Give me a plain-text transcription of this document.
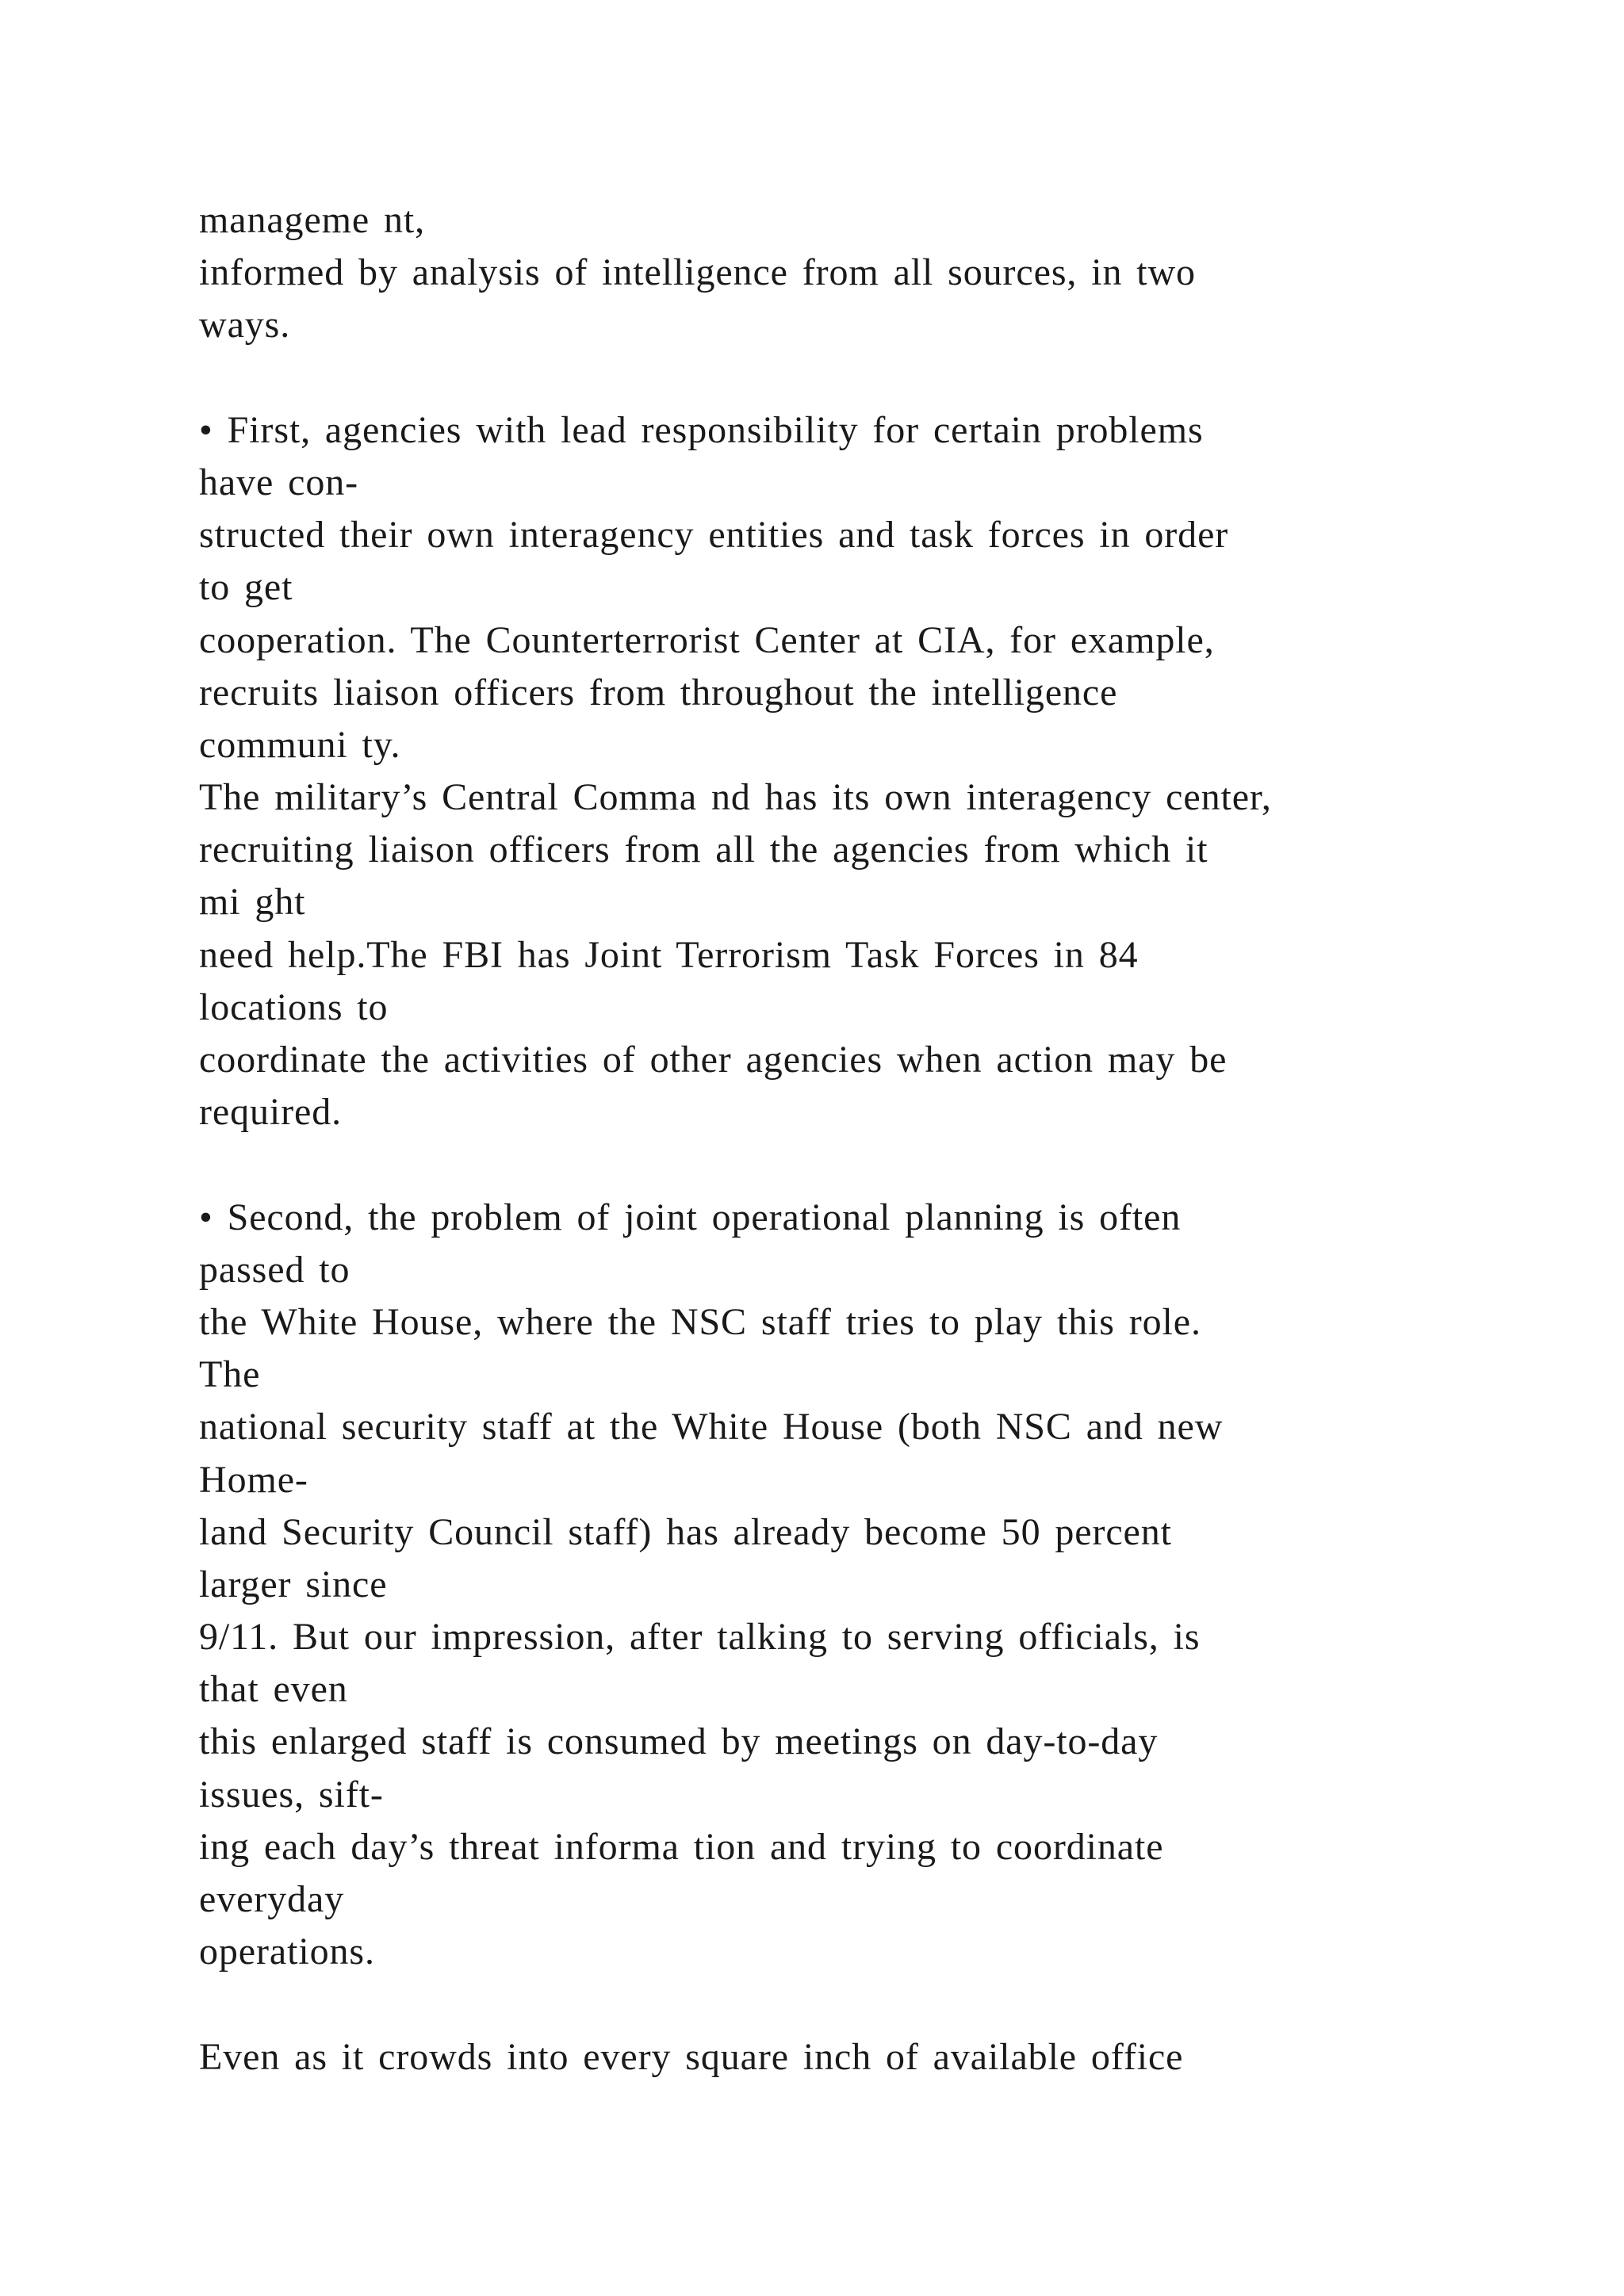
manageme nt,
informed by analysis of intelligence from all sources, in two
ways.
• First, agencies with lead responsibility for certain problems
have con-
structed their own interagency entities and task forces in order
to get
cooperation. The Counterterrorist Center at CIA, for example,
recruits liaison officers from throughout the intelligence
communi ty.
The military’s Central Comma nd has its own interagency center,
recruiting liaison officers from all the agencies from which it
mi ght
need help.The FBI has Joint Terrorism Task Forces in 84
locations to
coordinate the activities of other agencies when action may be
required.
• Second, the problem of joint operational planning is often
passed to
the White House, where the NSC staff tries to play this role.
The
national security staff at the White House (both NSC and new
Home-
land Security Council staff) has already become 50 percent
larger since
9/11. But our impression, after talking to serving officials, is
that even
this enlarged staff is consumed by meetings on day-to-day
issues, sift-
ing each day’s threat informa tion and trying to coordinate
everyday
operations.
Even as it crowds into every square inch of available office
